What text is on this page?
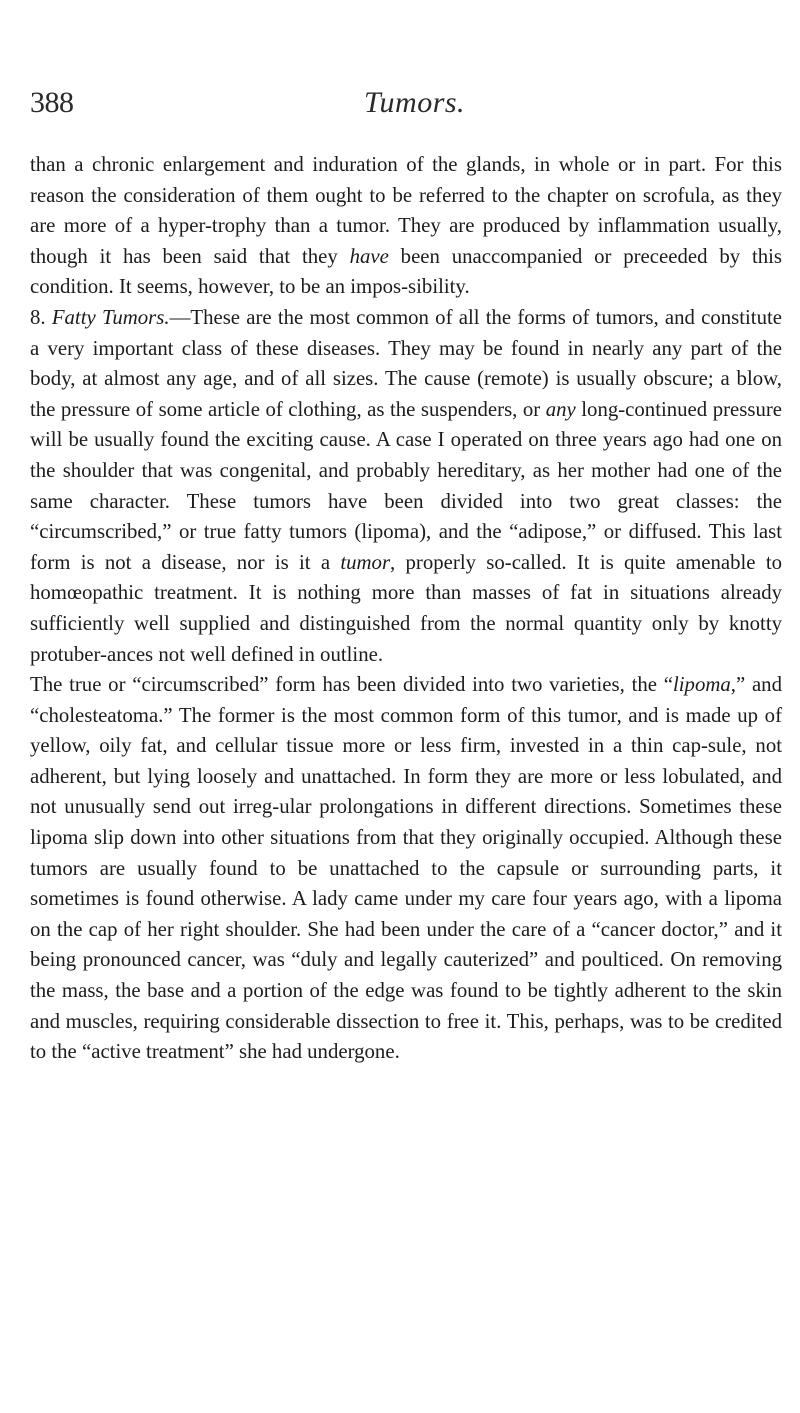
388	Tumors.

than a chronic enlargement and induration of the glands, in whole or in part. For this reason the consideration of them ought to be referred to the chapter on scrofula, as they are more of a hyper-trophy than a tumor. They are produced by inflammation usually, though it has been said that they have been unaccompanied or preceeded by this condition. It seems, however, to be an impos-sibility.

8. Fatty Tumors.—These are the most common of all the forms of tumors, and constitute a very important class of these diseases. They may be found in nearly any part of the body, at almost any age, and of all sizes. The cause (remote) is usually obscure; a blow, the pressure of some article of clothing, as the suspenders, or any long-continued pressure will be usually found the exciting cause. A case I operated on three years ago had one on the shoulder that was congenital, and probably hereditary, as her mother had one of the same character. These tumors have been divided into two great classes: the “circumscribed,” or true fatty tumors (lipoma), and the “adipose,” or diffused. This last form is not a disease, nor is it a tumor, properly so-called. It is quite amenable to homœopathic treatment. It is nothing more than masses of fat in situations already sufficiently well supplied and distinguished from the normal quantity only by knotty protuber-ances not well defined in outline.

The true or “circumscribed” form has been divided into two varieties, the “lipoma,” and “cholesteatoma.” The former is the most common form of this tumor, and is made up of yellow, oily fat, and cellular tissue more or less firm, invested in a thin cap-sule, not adherent, but lying loosely and unattached. In form they are more or less lobulated, and not unusually send out irreg-ular prolongations in different directions. Sometimes these lipoma slip down into other situations from that they originally occupied. Although these tumors are usually found to be unattached to the capsule or surrounding parts, it sometimes is found otherwise. A lady came under my care four years ago, with a lipoma on the cap of her right shoulder. She had been under the care of a “cancer doctor,” and it being pronounced cancer, was “duly and legally cauterized” and poulticed. On removing the mass, the base and a portion of the edge was found to be tightly adherent to the skin and muscles, requiring considerable dissection to free it. This, perhaps, was to be credited to the “active treatment” she had undergone.
